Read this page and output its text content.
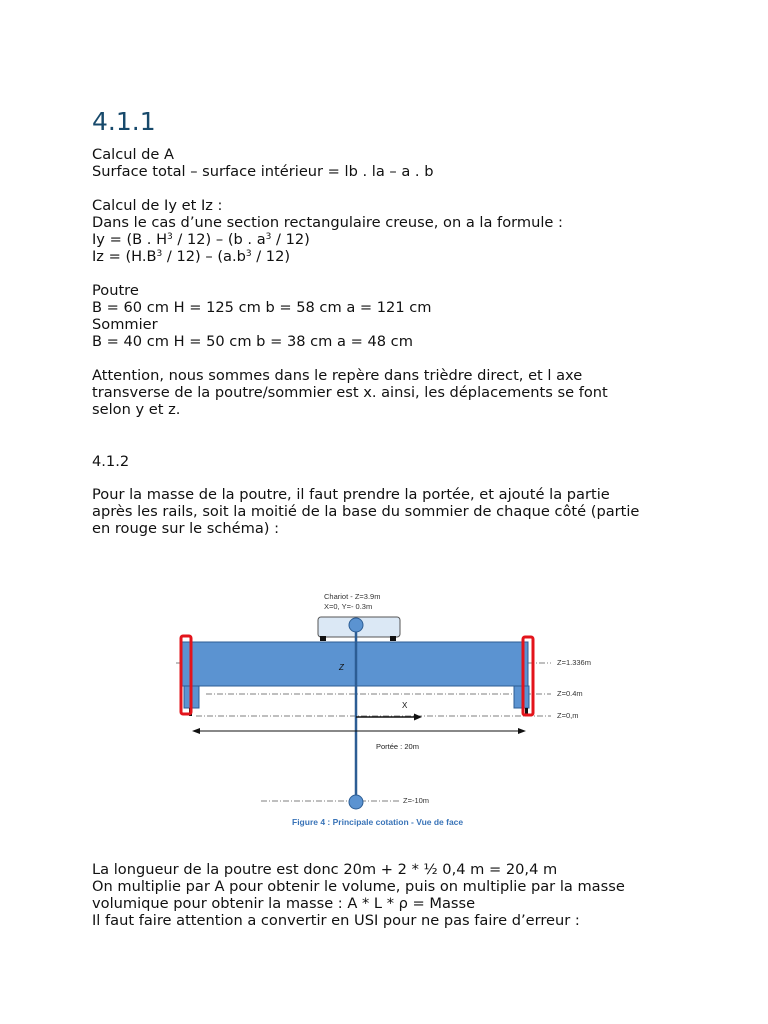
4.1.1
Calcul de A
Surface total – surface intérieur = lb . la – a . b
Calcul de Iy et Iz :
Dans le cas d’une section rectangulaire creuse, on a la formule :
Iy = (B . $H^3 / 12) - (b$ . $a^3 / 12$)
$Iz = (H.B^3 / 12) - (a.b^3 / 12)$
Poutre
B = 60 cm H = 125 cm b = 58 cm a = 121 cm
Sommier
B = 40 cm H = 50 cm b = 38 cm a = 48 cm
Attention, nous sommes dans le repère dans trièdre direct, et l axe
transverse de la poutre/sommier est x. ainsi, les déplacements se font
selon y et z.
4.1.2
Pour la masse de la poutre, il faut prendre la portée, et ajouté la partie
après les rails, soit la moitié de la base du sommier de chaque côté (partie
en rouge sur le schéma) :
La longueur de la poutre est donc 20m + 2 * ½ 0,4 m = 20,4 m
On multiplie par A pour obtenir le volume, puis on multiplie par la masse
volumique pour obtenir la masse : A * L * ρ = Masse
Il faut faire attention a convertir en USI pour ne pas faire d’erreur :
Chariot - Z=3.9m
X=0, Y=- 0.3m
Z
X
Portée : 20m
Z=1.336m
Z=0.4m
Z=0,m
Z=-10m
Figure 4 : Principale cotation - Vue de face
